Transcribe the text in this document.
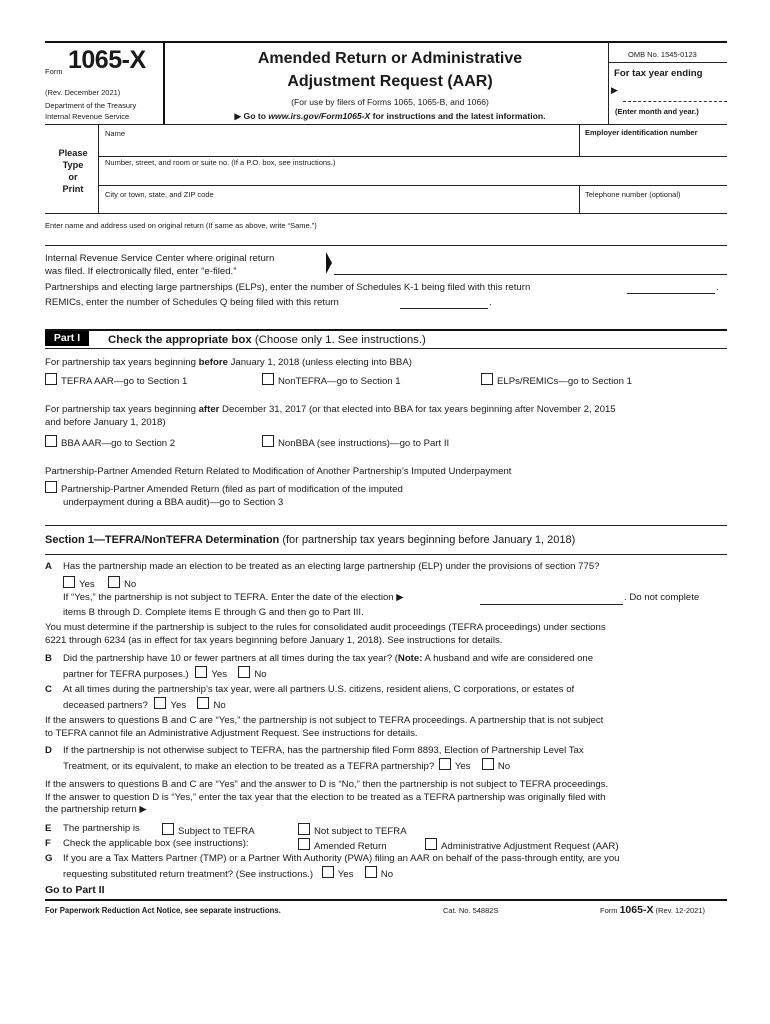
Form 1065-X
(Rev. December 2021)
Department of the Treasury
Internal Revenue Service
Amended Return or Administrative
Adjustment Request (AAR)
(For use by filers of Forms 1065, 1065-B, and 1066)
▶ Go to www.irs.gov/Form1065-X for instructions and the latest information.
OMB No. 1545-0123
For tax year ending
▶
(Enter month and year.)
Please
Type
or
Print
Name	Employer identification number
Number, street, and room or suite no. (If a P.O. box, see instructions.)
City or town, state, and ZIP code	Telephone number (optional)
Enter name and address used on original return (If same as above, write “Same.”)
Internal Revenue Service Center where original return
was filed. If electronically filed, enter “e-filed.”
Partnerships and electing large partnerships (ELPs), enter the number of Schedules K-1 being filed with this return	.
REMICs, enter the number of Schedules Q being filed with this return	.
Part I	Check the appropriate box (Choose only 1. See instructions.)
For partnership tax years beginning before January 1, 2018 (unless electing into BBA)
TEFRA AAR—go to Section 1	NonTEFRA—go to Section 1	ELPs/REMICs—go to Section 1
For partnership tax years beginning after December 31, 2017 (or that elected into BBA for tax years beginning after November 2, 2015
and before January 1, 2018)
BBA AAR—go to Section 2	NonBBA (see instructions)—go to Part II
Partnership-Partner Amended Return Related to Modification of Another Partnership’s Imputed Underpayment
Partnership-Partner Amended Return (filed as part of modification of the imputed
underpayment during a BBA audit)—go to Section 3
Section 1—TEFRA/NonTEFRA Determination (for partnership tax years beginning before January 1, 2018)
A Has the partnership made an election to be treated as an electing large partnership (ELP) under the provisions of section 775?
Yes	No
If “Yes,” the partnership is not subject to TEFRA. Enter the date of the election ▶	. Do not complete
items B through D. Complete items E through G and then go to Part III.
You must determine if the partnership is subject to the rules for consolidated audit proceedings (TEFRA proceedings) under sections
6221 through 6234 (as in effect for tax years beginning before January 1, 2018). See instructions for details.
B Did the partnership have 10 or fewer partners at all times during the tax year? (Note: A husband and wife are considered one
partner for TEFRA purposes.) Yes	No
C At all times during the partnership’s tax year, were all partners U.S. citizens, resident aliens, C corporations, or estates of
deceased partners? Yes	No
If the answers to questions B and C are “Yes,” the partnership is not subject to TEFRA proceedings. A partnership that is not subject
to TEFRA cannot file an Administrative Adjustment Request. See instructions for details.
D If the partnership is not otherwise subject to TEFRA, has the partnership filed Form 8893, Election of Partnership Level Tax
Treatment, or its equivalent, to make an election to be treated as a TEFRA partnership? Yes	No
If the answers to questions B and C are “Yes” and the answer to D is “No,” then the partnership is not subject to TEFRA proceedings.
If the answer to question D is “Yes,” enter the tax year that the election to be treated as a TEFRA partnership was originally filed with
the partnership return ▶
E The partnership is	Subject to TEFRA	Not subject to TEFRA
F Check the applicable box (see instructions):	Amended Return	Administrative Adjustment Request (AAR)
G If you are a Tax Matters Partner (TMP) or a Partner With Authority (PWA) filing an AAR on behalf of the pass-through entity, are you
requesting substituted return treatment? (See instructions.)	Yes	No
Go to Part II
For Paperwork Reduction Act Notice, see separate instructions.	Cat. No. 54882S	Form 1065-X (Rev. 12-2021)
